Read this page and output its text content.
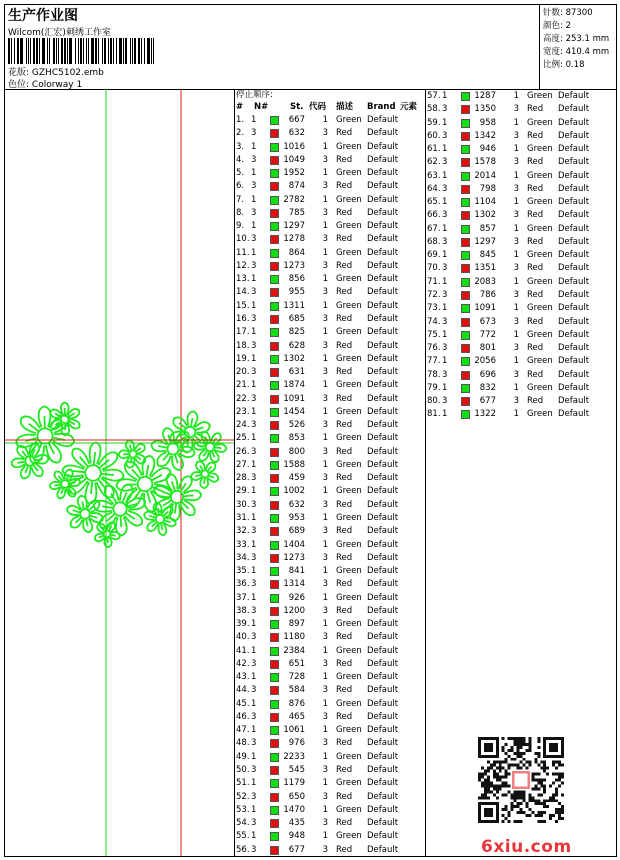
生产作业图
Wilcom(汇宏)刺绣工作室
花版: GZHC5102.emb
色位: Colorway 1
针数: 87300
颜色: 2
高度: 253.1 mm
宽度: 410.4 mm
比例: 0.18
停止顺序:
# N#	St. 代码 描述 Brand 元素
1. 1	667	1 Green Default
2. 3	632	3 Red Default
3. 1	1016	1 Green Default
4. 3	1049	3 Red Default
5. 1	1952	1 Green Default
6. 3	874	3 Red Default
7. 1	2782	1 Green Default
8. 3	785	3 Red Default
9. 1	1297	1 Green Default
10. 3	1278	3 Red Default
11. 1	864	1 Green Default
12. 3	1273	3 Red Default
13. 1	856	1 Green Default
14. 3	955	3 Red Default
15. 1	1311	1 Green Default
16. 3	685	3 Red Default
17. 1	825	1 Green Default
18. 3	628	3 Red Default
19. 1	1302	1 Green Default
20. 3	631	3 Red Default
21. 1	1874	1 Green Default
22. 3	1091	3 Red Default
23. 1	1454	1 Green Default
24. 3	526	3 Red Default
25. 1	853	1 Green Default
26. 3	800	3 Red Default
27. 1	1588	1 Green Default
28. 3	459	3 Red Default
29. 1	1002	1 Green Default
30. 3	632	3 Red Default
31. 1	953	1 Green Default
32. 3	689	3 Red Default
33. 1	1404	1 Green Default
34. 3	1273	3 Red Default
35. 1	841	1 Green Default
36. 3	1314	3 Red Default
37. 1	926	1 Green Default
38. 3	1200	3 Red Default
39. 1	897	1 Green Default
40. 3	1180	3 Red Default
41. 1	2384	1 Green Default
42. 3	651	3 Red Default
43. 1	728	1 Green Default
44. 3	584	3 Red Default
45. 1	876	1 Green Default
46. 3	465	3 Red Default
47. 1	1061	1 Green Default
48. 3	976	3 Red Default
49. 1	2233	1 Green Default
50. 3	545	3 Red Default
51. 1	1179	1 Green Default
52. 3	650	3 Red Default
53. 1	1470	1 Green Default
54. 3	435	3 Red Default
55. 1	948	1 Green Default
56. 3	677	3 Red Default
57. 1	1287	1 Green Default
58. 3	1350	3 Red Default
59. 1	958	1 Green Default
60. 3	1342	3 Red Default
61. 1	946	1 Green Default
62. 3	1578	3 Red Default
63. 1	2014	1 Green Default
64. 3	798	3 Red Default
65. 1	1104	1 Green Default
66. 3	1302	3 Red Default
67. 1	857	1 Green Default
68. 3	1297	3 Red Default
69. 1	845	1 Green Default
70. 3	1351	3 Red Default
71. 1	2083	1 Green Default
72. 3	786	3 Red Default
73. 1	1091	1 Green Default
74. 3	673	3 Red Default
75. 1	772	1 Green Default
76. 3	801	3 Red Default
77. 1	2056	1 Green Default
78. 3	696	3 Red Default
79. 1	832	1 Green Default
80. 3	677	3 Red Default
81. 1	1322	1 Green Default
6xiu.com
